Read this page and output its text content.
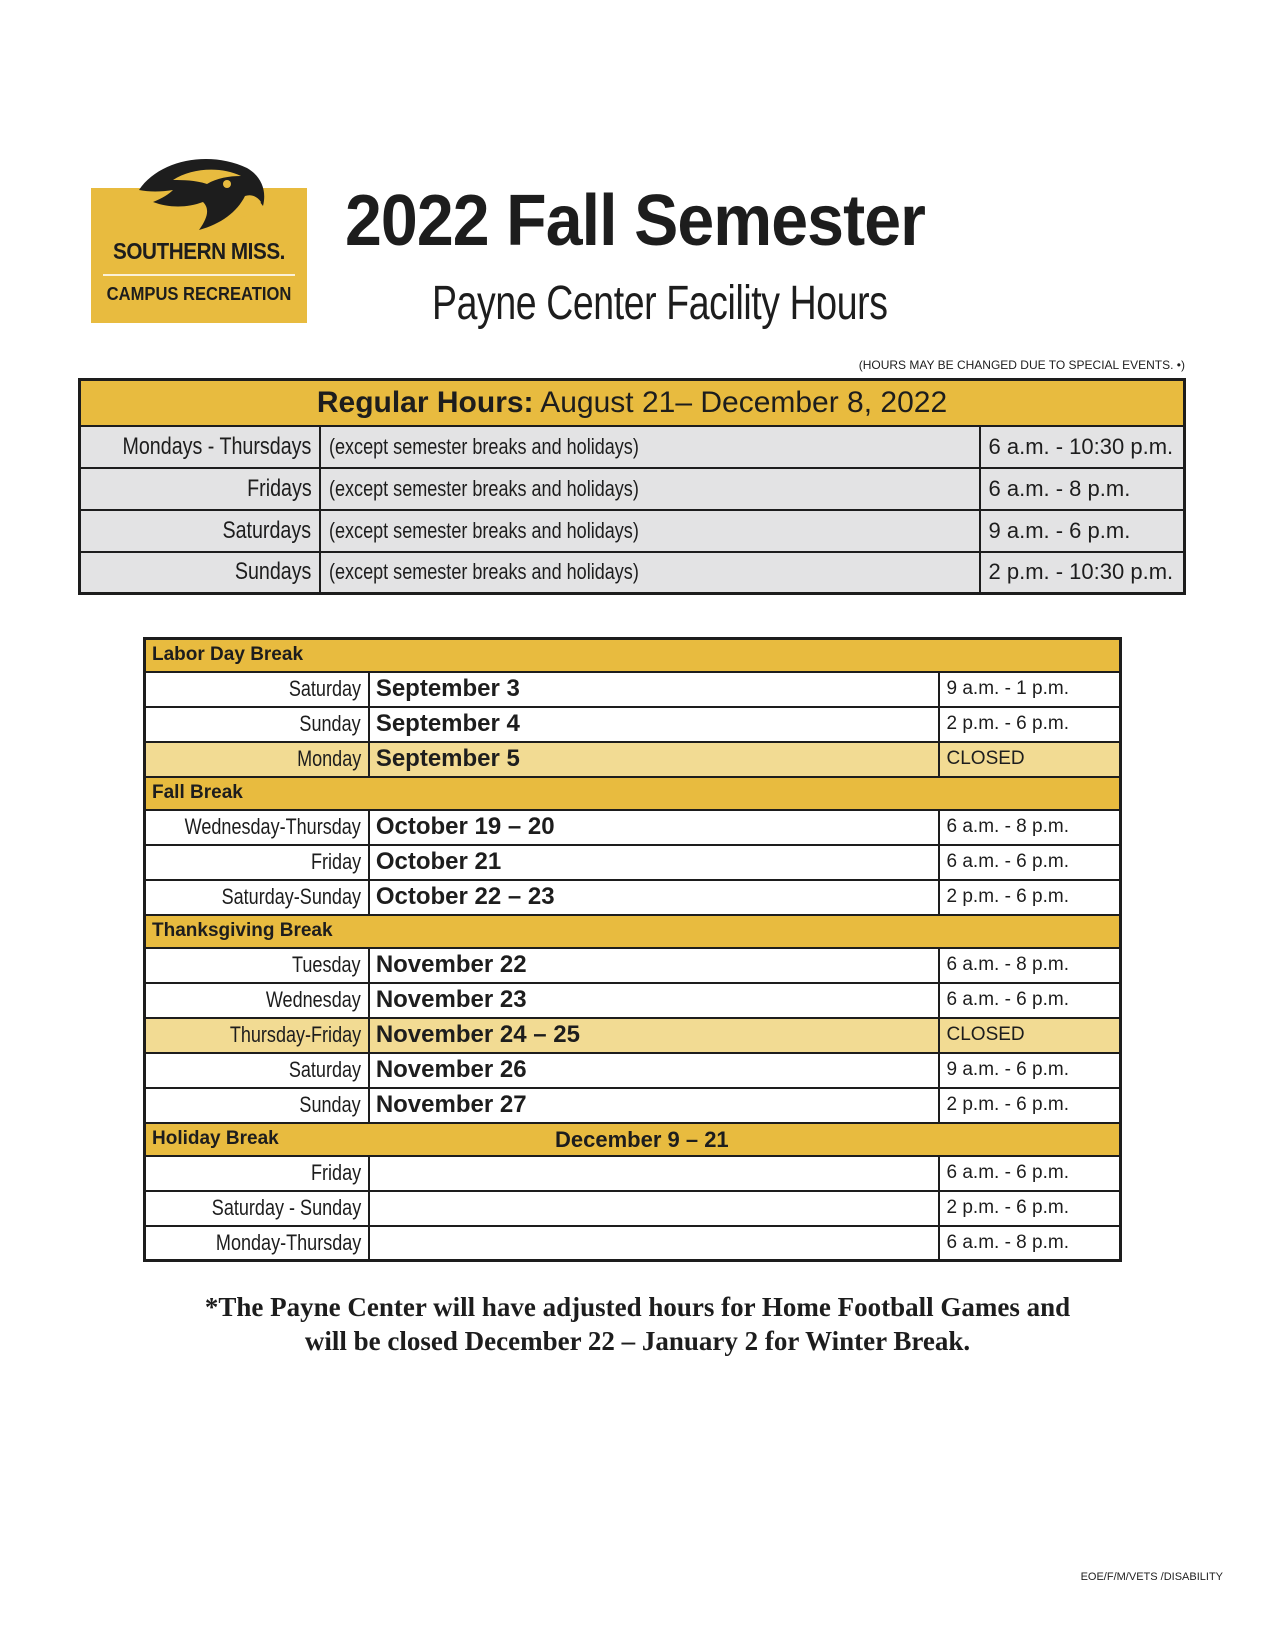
SOUTHERN MISS.
CAMPUS RECREATION
2022 Fall Semester
Payne Center Facility Hours
(HOURS MAY BE CHANGED DUE TO SPECIAL EVENTS. •)
Regular Hours: August 21– December 8, 2022		
Mondays - Thursdays	(except semester breaks and holidays)	6 a.m. - 10:30 p.m.
Fridays	(except semester breaks and holidays)	6 a.m. - 8 p.m.
Saturdays	(except semester breaks and holidays)	9 a.m. - 6 p.m.
Sundays	(except semester breaks and holidays)	2 p.m. - 10:30 p.m.
Labor Day Break		
Saturday	September 3	9 a.m. - 1 p.m.
Sunday	September 4	2 p.m. - 6 p.m.
Monday	September 5	CLOSED
Fall Break		
Wednesday-Thursday	October 19 – 20	6 a.m. - 8 p.m.
Friday	October 21	6 a.m. - 6 p.m.
Saturday-Sunday	October 22 – 23	2 p.m. - 6 p.m.
Thanksgiving Break		
Tuesday	November 22	6 a.m. - 8 p.m.
Wednesday	November 23	6 a.m. - 6 p.m.
Thursday-Friday	November 24 – 25	CLOSED
Saturday	November 26	9 a.m. - 6 p.m.
Sunday	November 27	2 p.m. - 6 p.m.
Holiday Break December 9 – 21		

Friday		6 a.m. - 6 p.m.
Saturday - Sunday		2 p.m. - 6 p.m.
Monday-Thursday		6 a.m. - 8 p.m.
*The Payne Center will have adjusted hours for Home Football Games and
will be closed December 22 – January 2 for Winter Break.
EOE/F/M/VETS /DISABILITY
